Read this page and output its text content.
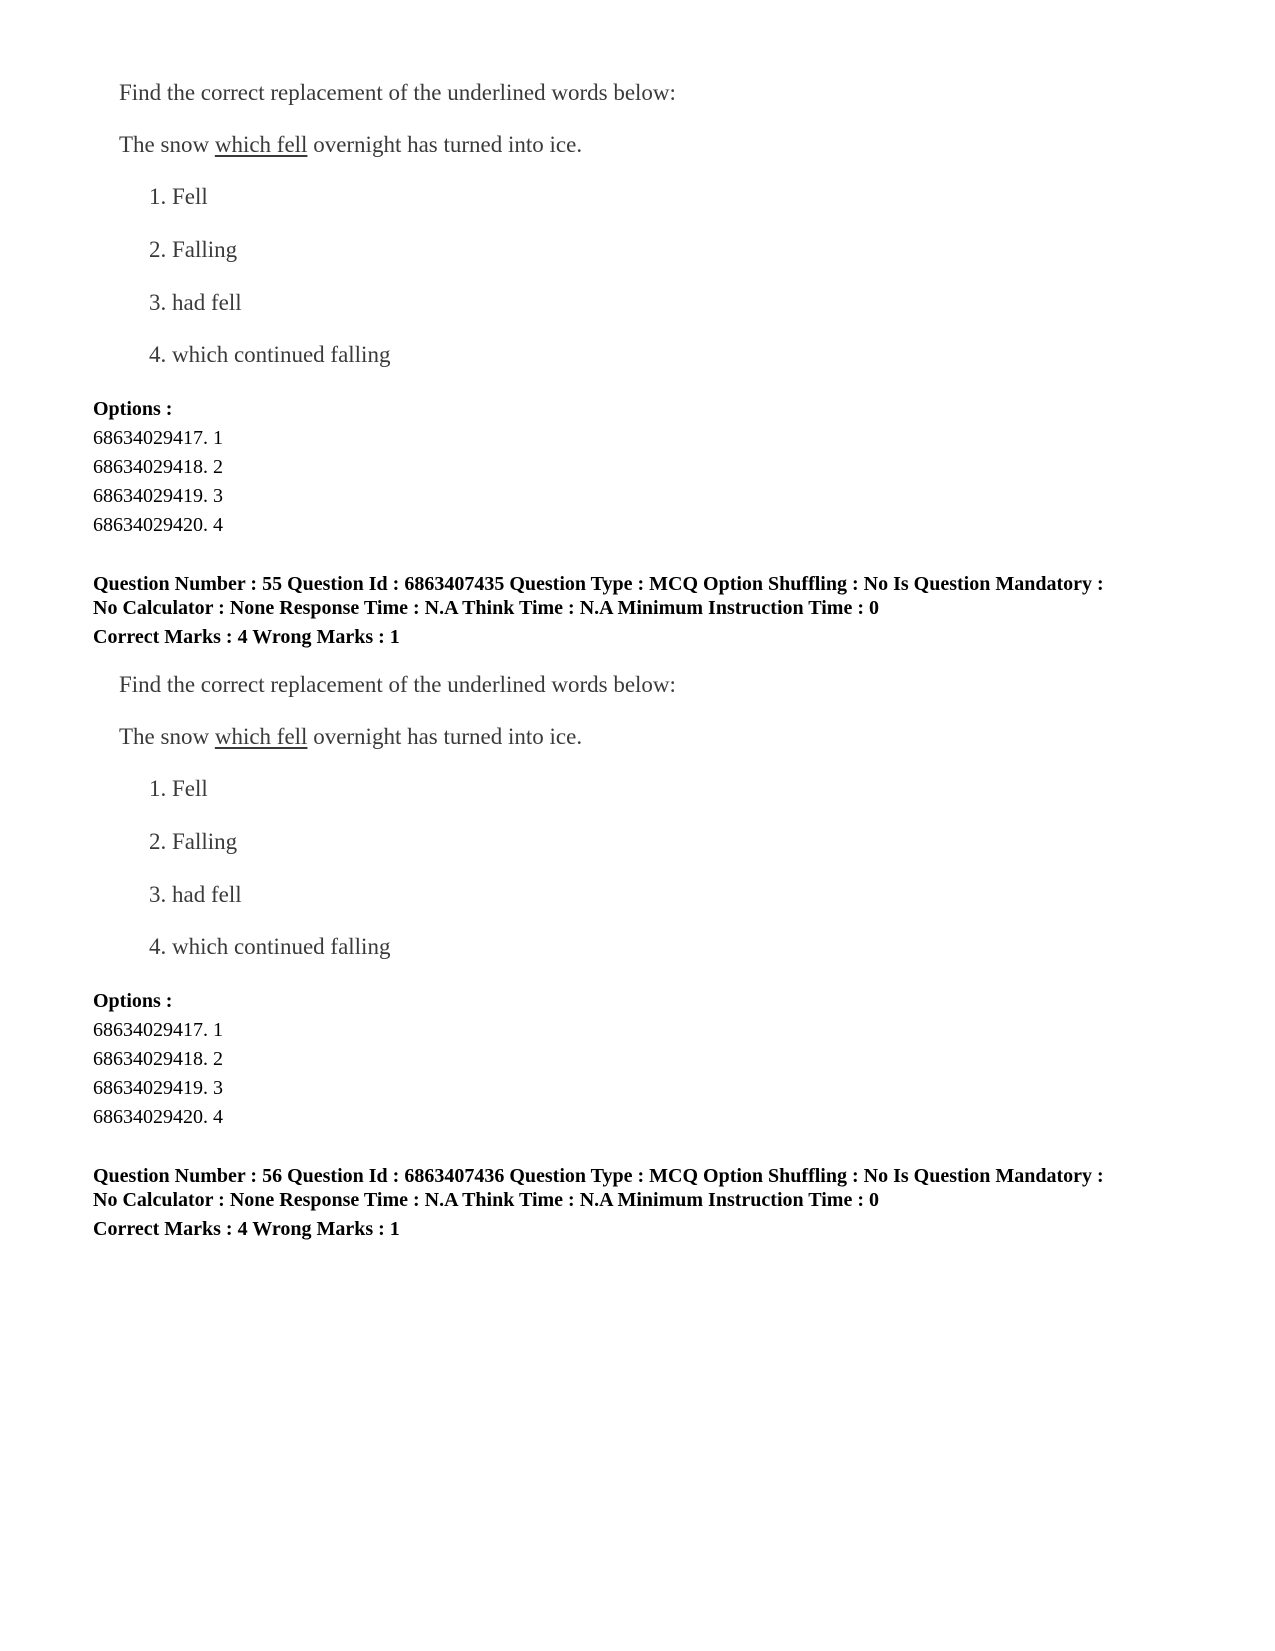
Find the correct replacement of the underlined words below:
The snow which fell overnight has turned into ice.
1. Fell
2. Falling
3. had fell
4. which continued falling
Options :
68634029417. 1
68634029418. 2
68634029419. 3
68634029420. 4
Question Number : 55 Question Id : 6863407435 Question Type : MCQ Option Shuffling : No Is Question Mandatory :
No Calculator : None Response Time : N.A Think Time : N.A Minimum Instruction Time : 0
Correct Marks : 4 Wrong Marks : 1
Find the correct replacement of the underlined words below:
The snow which fell overnight has turned into ice.
1. Fell
2. Falling
3. had fell
4. which continued falling
Options :
68634029417. 1
68634029418. 2
68634029419. 3
68634029420. 4
Question Number : 56 Question Id : 6863407436 Question Type : MCQ Option Shuffling : No Is Question Mandatory :
No Calculator : None Response Time : N.A Think Time : N.A Minimum Instruction Time : 0
Correct Marks : 4 Wrong Marks : 1
